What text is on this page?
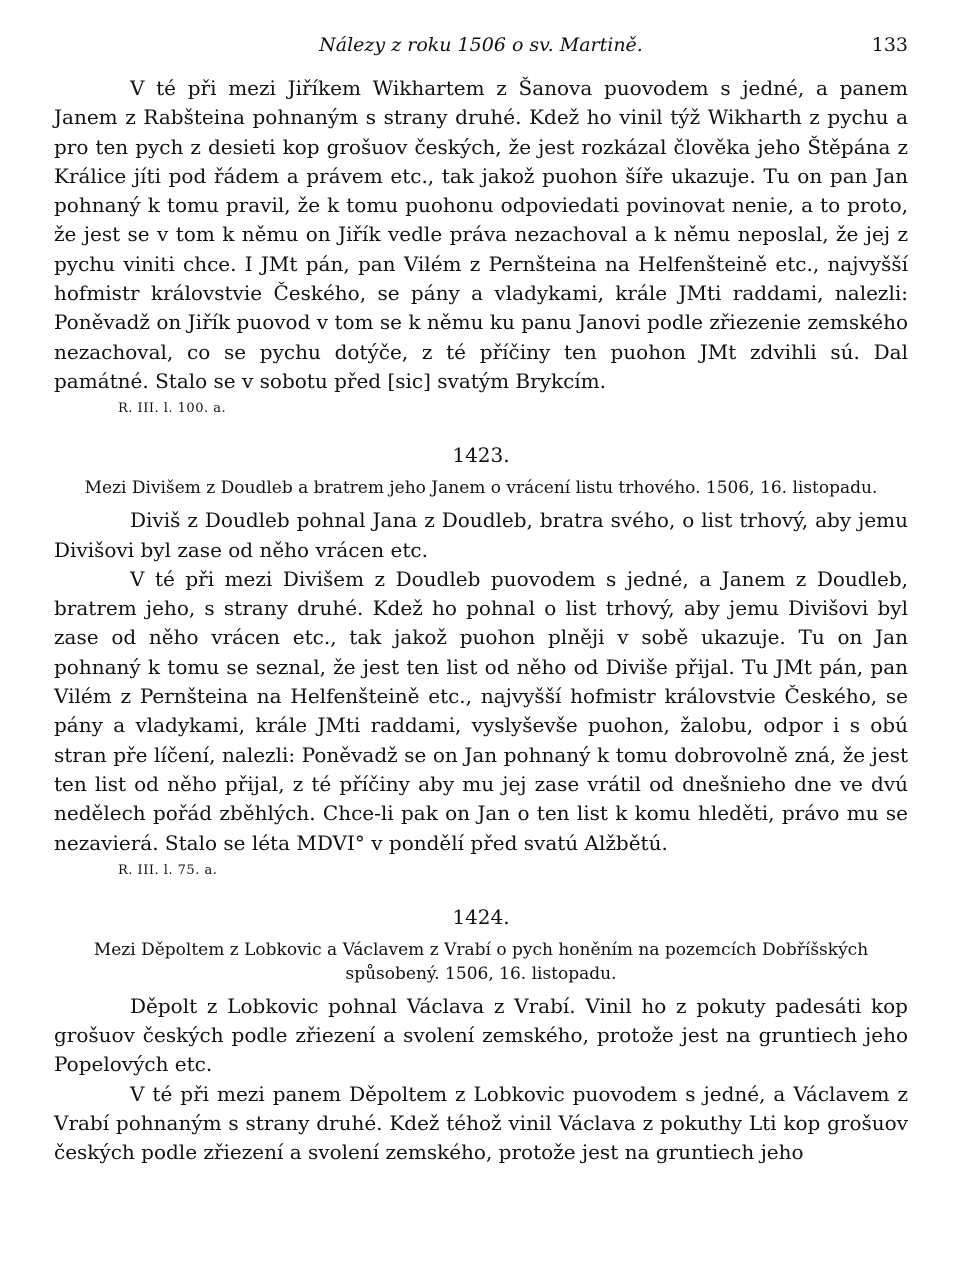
Nálezy z roku 1506 o sv. Martině.	133

V té při mezi Jiříkem Wikhartem z Šanova puovodem s jedné, a panem Janem z Rabšteina pohnaným s strany druhé. Kdež ho vinil týž Wikharth z pychu a pro ten pych z desieti kop grošuov českých, že jest rozkázal člověka jeho Štěpána z Králice jíti pod řádem a právem etc., tak jakož puohon šíře ukazuje. Tu on pan Jan pohnaný k tomu pravil, že k tomu puohonu odpoviedati povinovat nenie, a to proto, že jest se v tom k němu on Jiřík vedle práva nezachoval a k němu neposlal, že jej z pychu viniti chce. I JMt pán, pan Vilém z Pernšteina na Helfenšteině etc., najvyšší hofmistr královstvie Českého, se pány a vladykami, krále JMti raddami, nalezli: Poněvadž on Jiřík puovod v tom se k němu ku panu Janovi podle zřiezenie zemského nezachoval, co se pychu dotýče, z té příčiny ten puohon JMt zdvihli sú. Dal památné. Stalo se v sobotu před [sic] svatým Brykcím.

R. III. l. 100. a.
1423.
Mezi Divišem z Doudleb a bratrem jeho Janem o vrácení listu trhového. 1506, 16. listopadu.

Diviš z Doudleb pohnal Jana z Doudleb, bratra svého, o list trhový, aby jemu Divišovi byl zase od něho vrácen etc.

V té při mezi Divišem z Doudleb puovodem s jedné, a Janem z Doudleb, bratrem jeho, s strany druhé. Kdež ho pohnal o list trhový, aby jemu Divišovi byl zase od něho vrácen etc., tak jakož puohon plněji v sobě ukazuje. Tu on Jan pohnaný k tomu se seznal, že jest ten list od něho od Diviše přijal. Tu JMt pán, pan Vilém z Pernšteina na Helfenšteině etc., najvyšší hofmistr královstvie Českého, se pány a vladykami, krále JMti raddami, vyslyševše puohon, žalobu, odpor i s obú stran pře líčení, nalezli: Poněvadž se on Jan pohnaný k tomu dobrovolně zná, že jest ten list od něho přijal, z té příčiny aby mu jej zase vrátil od dnešnieho dne ve dvú nedělech pořád zběhlých. Chce-li pak on Jan o ten list k komu hleděti, právo mu se nezavierá. Stalo se léta MDVI° v pondělí před svatú Alžbětú.

R. III. l. 75. a.
1424.
Mezi Děpoltem z Lobkovic a Václavem z Vrabí o pych honěním na pozemcích Dobříšských spůsobený. 1506, 16. listopadu.

Děpolt z Lobkovic pohnal Václava z Vrabí. Vinil ho z pokuty padesáti kop grošuov českých podle zřiezení a svolení zemského, protože jest na gruntiech jeho Popelových etc.

V té při mezi panem Děpoltem z Lobkovic puovodem s jedné, a Václavem z Vrabí pohnaným s strany druhé. Kdež téhož vinil Václava z pokuthy Lti kop grošuov českých podle zřiezení a svolení zemského, protože jest na gruntiech jeho
